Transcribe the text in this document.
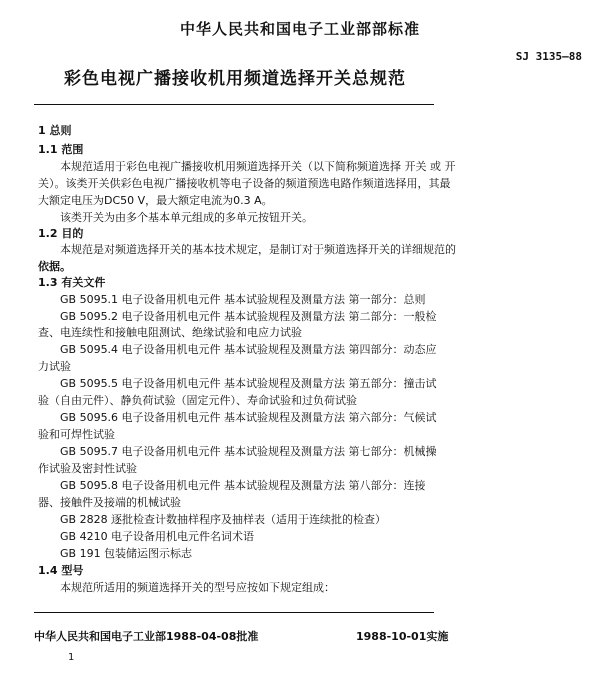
中华人民共和国电子工业部部标准
SJ 3135—88
彩色电视广播接收机用频道选择开关总规范
1 总则
1.1 范围
本规范适用于彩色电视广播接收机用频道选择开关（以下简称频道选择 开关 或 开
关）。该类开关供彩色电视广播接收机等电子设备的频道预选电路作频道选择用，其最
大额定电压为DC50 V，最大额定电流为0.3 A。
该类开关为由多个基本单元组成的多单元按钮开关。
1.2 目的
本规范是对频道选择开关的基本技术规定，是制订对于频道选择开关的详细规范的
依据。
1.3 有关文件
GB 5095.1 电子设备用机电元件 基本试验规程及测量方法 第一部分：总则
GB 5095.2 电子设备用机电元件 基本试验规程及测量方法 第二部分：一般检
查、电连续性和接触电阻测试、绝缘试验和电应力试验
GB 5095.4 电子设备用机电元件 基本试验规程及测量方法 第四部分：动态应
力试验
GB 5095.5 电子设备用机电元件 基本试验规程及测量方法 第五部分：撞击试
验（自由元件）、静负荷试验（固定元件）、寿命试验和过负荷试验
GB 5095.6 电子设备用机电元件 基本试验规程及测量方法 第六部分：气候试
验和可焊性试验
GB 5095.7 电子设备用机电元件 基本试验规程及测量方法 第七部分：机械操
作试验及密封性试验
GB 5095.8 电子设备用机电元件 基本试验规程及测量方法 第八部分：连接
器、接触件及接端的机械试验
GB 2828 逐批检查计数抽样程序及抽样表（适用于连续批的检查）
GB 4210 电子设备用机电元件名词术语
GB 191 包装储运图示标志
1.4 型号
本规范所适用的频道选择开关的型号应按如下规定组成：
中华人民共和国电子工业部1988-04-08批准	1988-10-01实施
1
